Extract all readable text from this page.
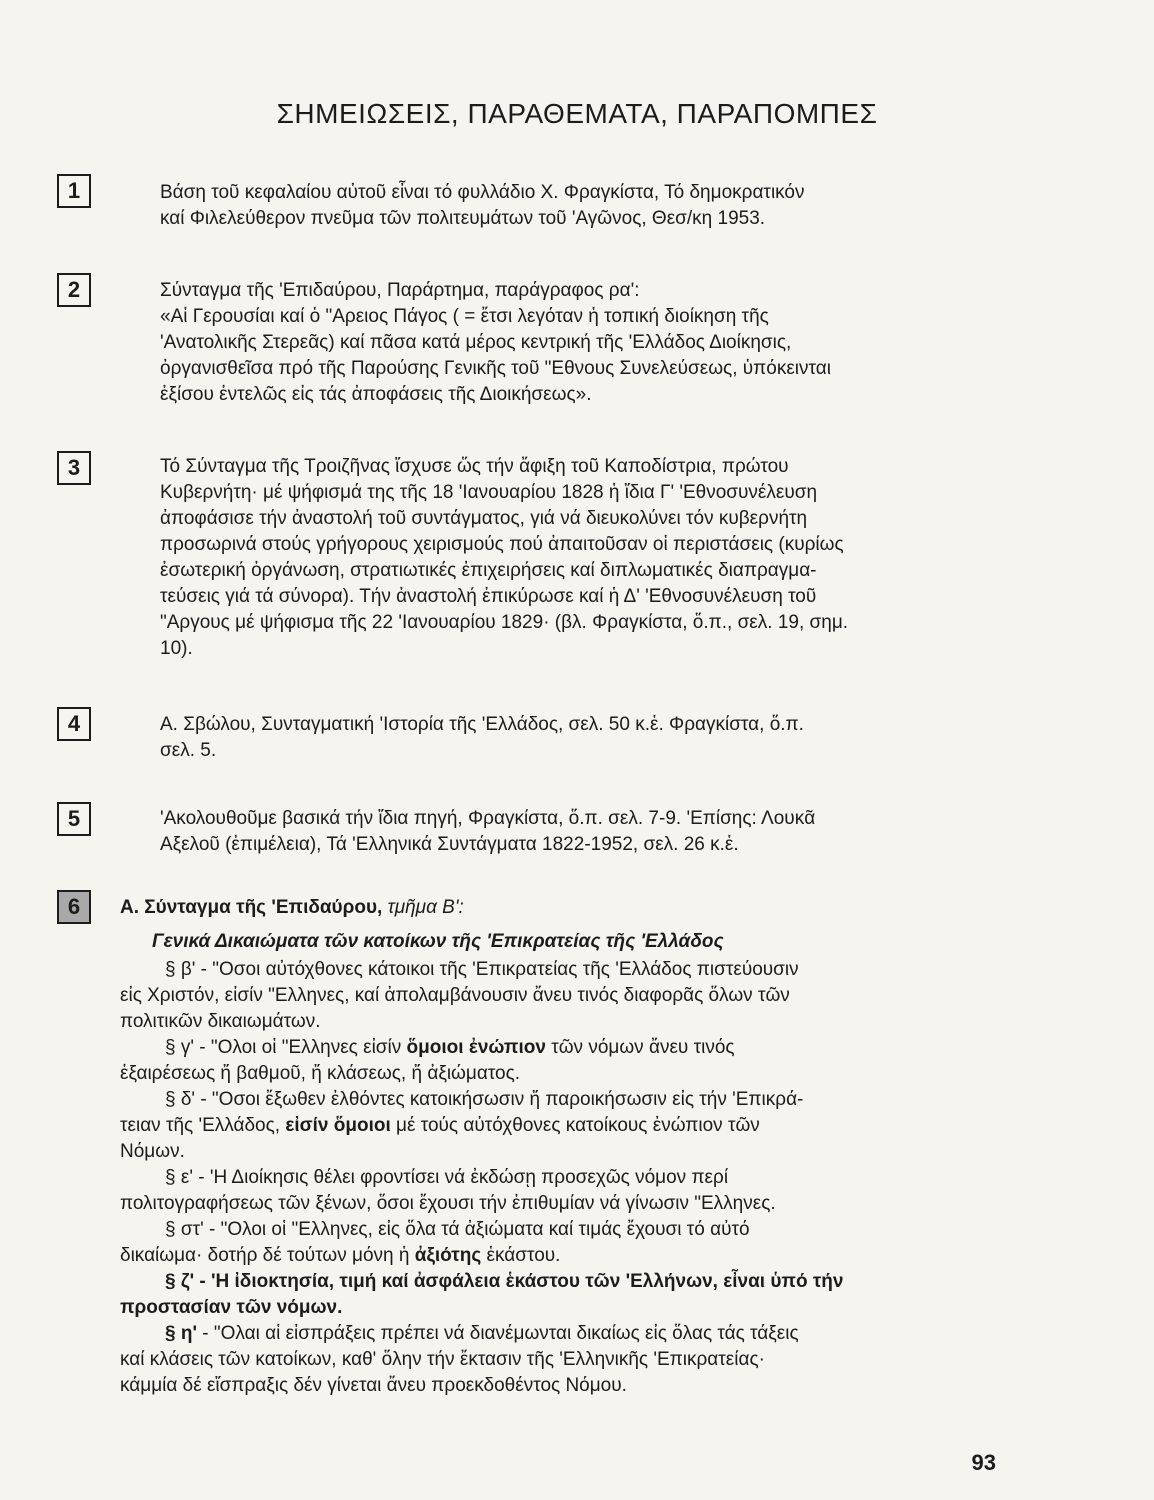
ΣΗΜΕΙΩΣΕΙΣ, ΠΑΡΑΘΕΜΑΤΑ, ΠΑΡΑΠΟΜΠΕΣ
1	Βάση τοῦ κεφαλαίου αὐτοῦ εἶναι τό φυλλάδιο Χ. Φραγκίστα, Τό δημοκρατικόν

καί Φιλελεύθερον πνεῦμα τῶν πολιτευμάτων τοῦ 'Αγῶνος, Θεσ/κη 1953.

2	Σύνταγμα τῆς 'Επιδαύρου, Παράρτημα, παράγραφος ρα':

«Αἱ Γερουσίαι καί ὁ "Αρειος Πάγος ( = ἔτσι λεγόταν ἡ τοπική διοίκηση τῆς

'Ανατολικῆς Στερεᾶς) καί πᾶσα κατά μέρος κεντρική τῆς 'Ελλάδος Διοίκησις,

ὀργανισθεῖσα πρό τῆς Παρούσης Γενικῆς τοῦ "Εθνους Συνελεύσεως, ὑπόκεινται

ἐξίσου ἐντελῶς εἰς τάς ἀποφάσεις τῆς Διοικήσεως».

3	Τό Σύνταγμα τῆς Τροιζῆνας ἴσχυσε ὥς τήν ἄφιξη τοῦ Καποδίστρια, πρώτου

Κυβερνήτη· μέ ψήφισμά της τῆς 18 'Ιανουαρίου 1828 ἡ ἴδια Γ' 'Εθνοσυνέλευση

ἀποφάσισε τήν ἀναστολή τοῦ συντάγματος, γιά νά διευκολύνει τόν κυβερνήτη

προσωρινά στούς γρήγορους χειρισμούς πού ἀπαιτοῦσαν οἱ περιστάσεις (κυρίως

ἐσωτερική ὀργάνωση, στρατιωτικές ἐπιχειρήσεις καί διπλωματικές διαπραγμα-

τεύσεις γιά τά σύνορα). Τήν ἀναστολή ἐπικύρωσε καί ἡ Δ' 'Εθνοσυνέλευση τοῦ

"Αργους μέ ψήφισμα τῆς 22 'Ιανουαρίου 1829· (βλ. Φραγκίστα, ὅ.π., σελ. 19, σημ.

10).

4	Α. Σβώλου, Συνταγματική 'Ιστορία τῆς 'Ελλάδος, σελ. 50 κ.ἑ. Φραγκίστα, ὅ.π.

σελ. 5.

5	'Ακολουθοῦμε βασικά τήν ἴδια πηγή, Φραγκίστα, ὅ.π. σελ. 7-9. 'Επίσης: Λουκᾶ

Αξελοῦ (ἐπιμέλεια), Τά 'Ελληνικά Συντάγματα 1822-1952, σελ. 26 κ.ἑ.

6 Α. Σύνταγμα τῆς 'Επιδαύρου, τμῆμα Β':

Γενικά Δικαιώματα τῶν κατοίκων τῆς 'Επικρατείας τῆς 'Ελλάδος

§ β' - "Οσοι αὐτόχθονες κάτοικοι τῆς 'Επικρατείας τῆς 'Ελλάδος πιστεύουσιν

εἰς Χριστόν, εἰσίν "Ελληνες, καί ἀπολαμβάνουσιν ἄνευ τινός διαφορᾶς ὅλων τῶν

πολιτικῶν δικαιωμάτων.

§ γ' - "Ολοι οἱ "Ελληνες εἰσίν ὅμοιοι ἐνώπιον τῶν νόμων ἄνευ τινός

ἐξαιρέσεως ἤ βαθμοῦ, ἤ κλάσεως, ἤ ἀξιώματος.

§ δ' - "Οσοι ἔξωθεν ἐλθόντες κατοικήσωσιν ἤ παροικήσωσιν εἰς τήν 'Επικρά-

τειαν τῆς 'Ελλάδος, εἰσίν ὅμοιοι μέ τούς αὐτόχθονες κατοίκους ἐνώπιον τῶν

Νόμων.

§ ε' - 'Η Διοίκησις θέλει φροντίσει νά ἐκδώσῃ προσεχῶς νόμον περί

πολιτογραφήσεως τῶν ξένων, ὅσοι ἔχουσι τήν ἐπιθυμίαν νά γίνωσιν "Ελληνες.

§ στ' - "Ολοι οἱ "Ελληνες, εἰς ὅλα τά ἀξιώματα καί τιμάς ἔχουσι τό αὐτό

δικαίωμα· δοτήρ δέ τούτων μόνη ἡ ἀξιότης ἑκάστου.

§ ζ' - 'Η ἰδιοκτησία, τιμή καί ἀσφάλεια ἑκάστου τῶν 'Ελλήνων, εἶναι ὑπό τήν

προστασίαν τῶν νόμων.

§ η' - "Ολαι αἱ εἰσπράξεις πρέπει νά διανέμωνται δικαίως εἰς ὅλας τάς τάξεις

καί κλάσεις τῶν κατοίκων, καθ' ὅλην τήν ἔκτασιν τῆς 'Ελληνικῆς 'Επικρατείας·

κάμμία δέ εἴσπραξις δέν γίνεται ἄνευ προεκδοθέντος Νόμου.

93
